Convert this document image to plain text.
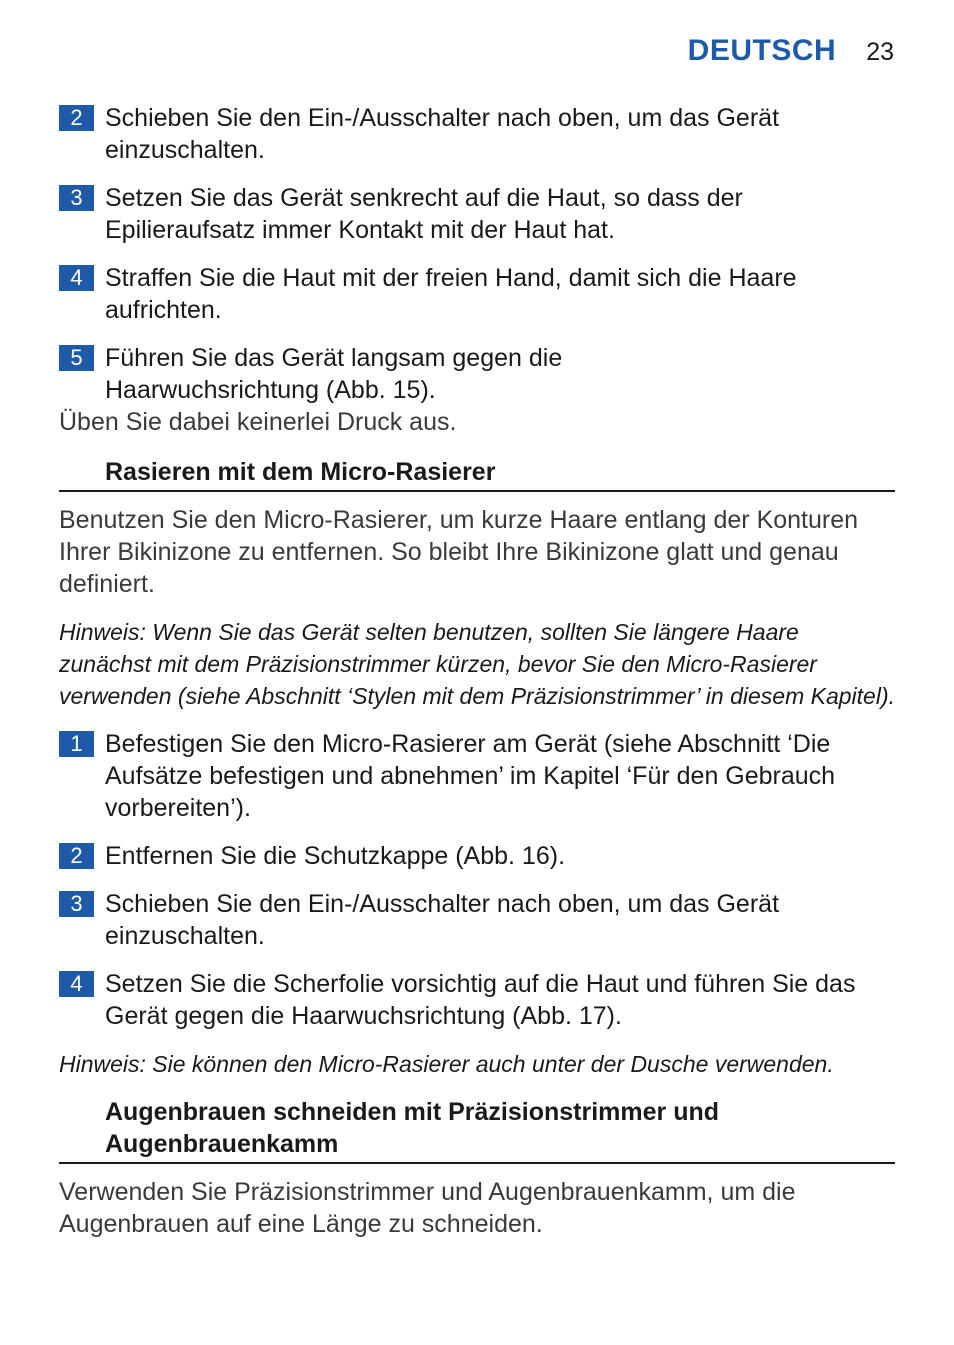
DEUTSCH 23
2 Schieben Sie den Ein-/Ausschalter nach oben, um das Gerät einzuschalten.
3 Setzen Sie das Gerät senkrecht auf die Haut, so dass der Epilieraufsatz immer Kontakt mit der Haut hat.
4 Straffen Sie die Haut mit der freien Hand, damit sich die Haare aufrichten.
5 Führen Sie das Gerät langsam gegen die Haarwuchsrichtung (Abb. 15).
Üben Sie dabei keinerlei Druck aus.
Rasieren mit dem Micro-Rasierer
Benutzen Sie den Micro-Rasierer, um kurze Haare entlang der Konturen Ihrer Bikinizone zu entfernen. So bleibt Ihre Bikinizone glatt und genau definiert.
Hinweis: Wenn Sie das Gerät selten benutzen, sollten Sie längere Haare zunächst mit dem Präzisionstrimmer kürzen, bevor Sie den Micro-Rasierer verwenden (siehe Abschnitt ‘Stylen mit dem Präzisionstrimmer’ in diesem Kapitel).
1 Befestigen Sie den Micro-Rasierer am Gerät (siehe Abschnitt ‘Die Aufsätze befestigen und abnehmen’ im Kapitel ‘Für den Gebrauch vorbereiten’).
2 Entfernen Sie die Schutzkappe (Abb. 16).
3 Schieben Sie den Ein-/Ausschalter nach oben, um das Gerät einzuschalten.
4 Setzen Sie die Scherfolie vorsichtig auf die Haut und führen Sie das Gerät gegen die Haarwuchsrichtung (Abb. 17).
Hinweis: Sie können den Micro-Rasierer auch unter der Dusche verwenden.
Augenbrauen schneiden mit Präzisionstrimmer und Augenbrauenkamm
Verwenden Sie Präzisionstrimmer und Augenbrauenkamm, um die Augenbrauen auf eine Länge zu schneiden.
